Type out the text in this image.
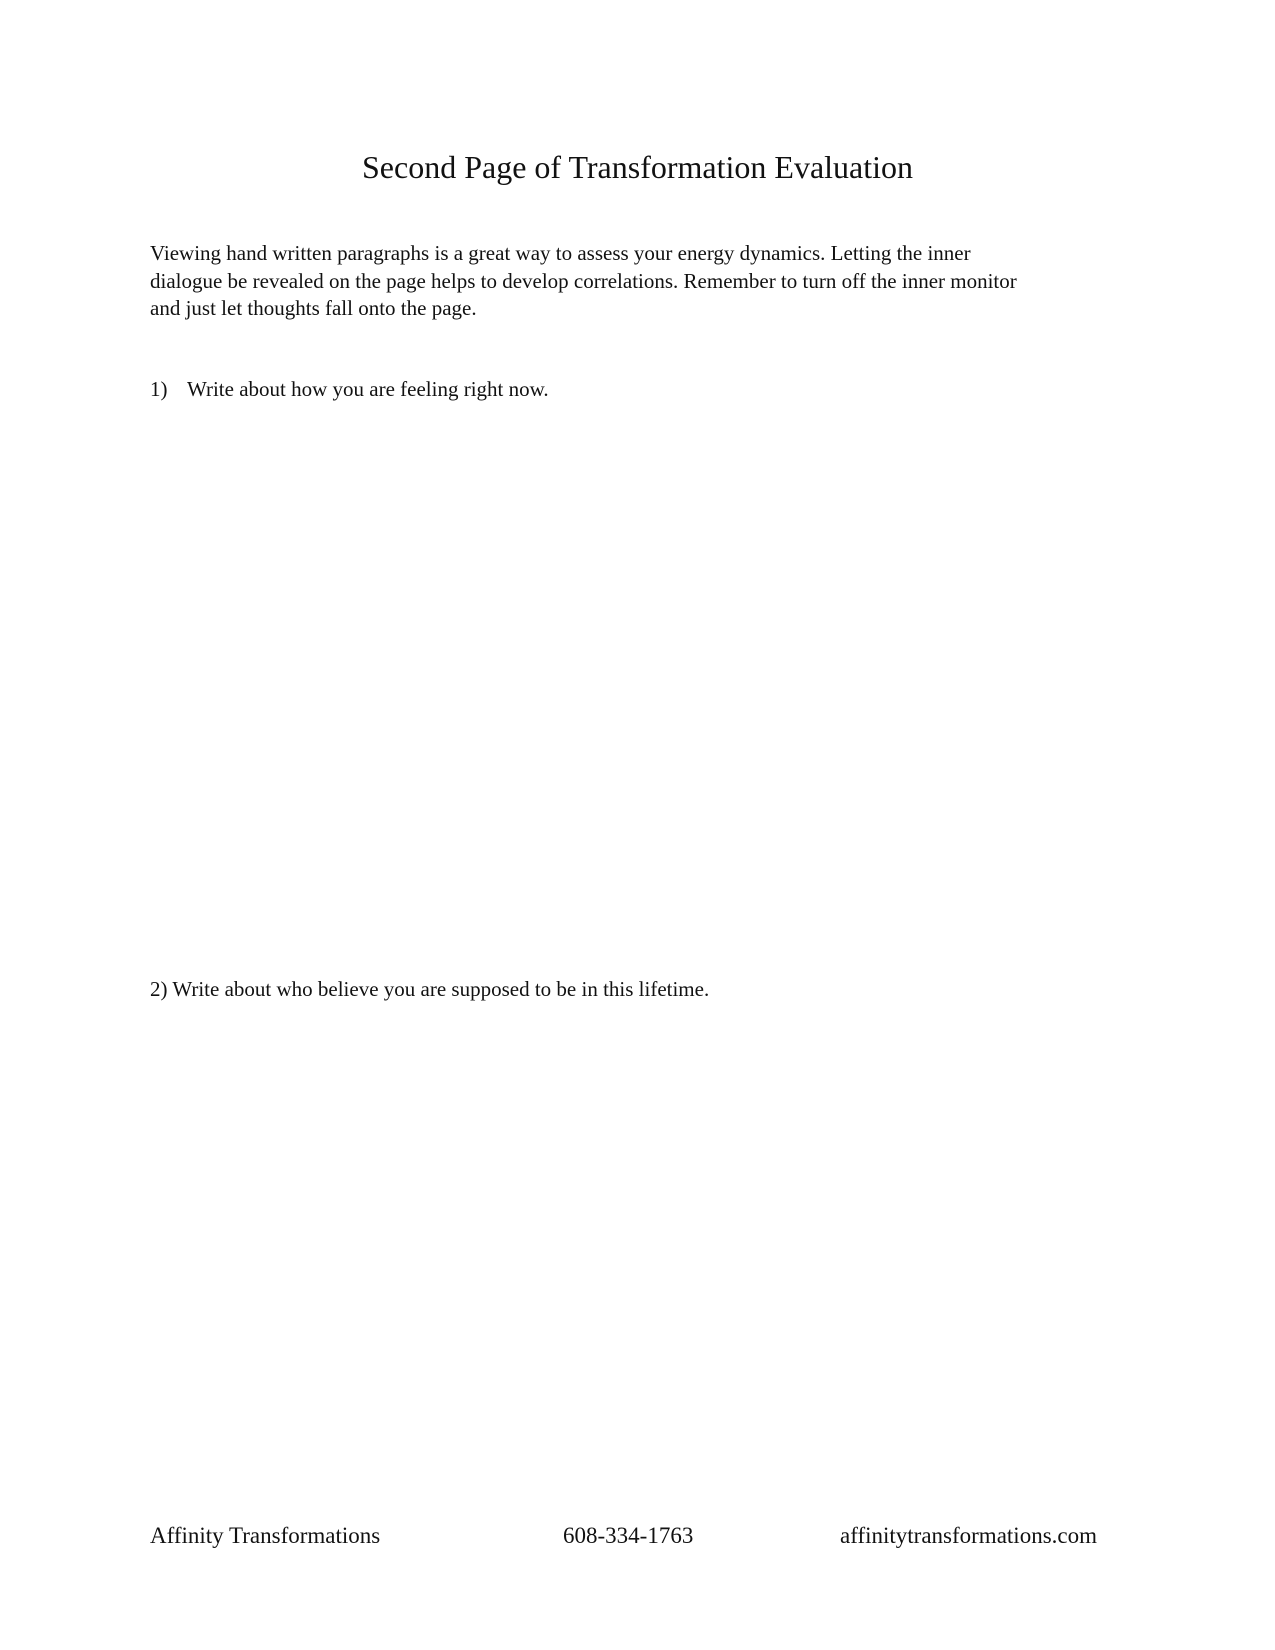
Second Page of Transformation Evaluation

Viewing hand written paragraphs is a great way to assess your energy dynamics. Letting the inner
dialogue be revealed on the page helps to develop correlations. Remember to turn off the inner monitor
and just let thoughts fall onto the page.

1) Write about how you are feeling right now.
2) Write about who believe you are supposed to be in this lifetime.
Affinity Transformations	608-334-1763	affinitytransformations.com
